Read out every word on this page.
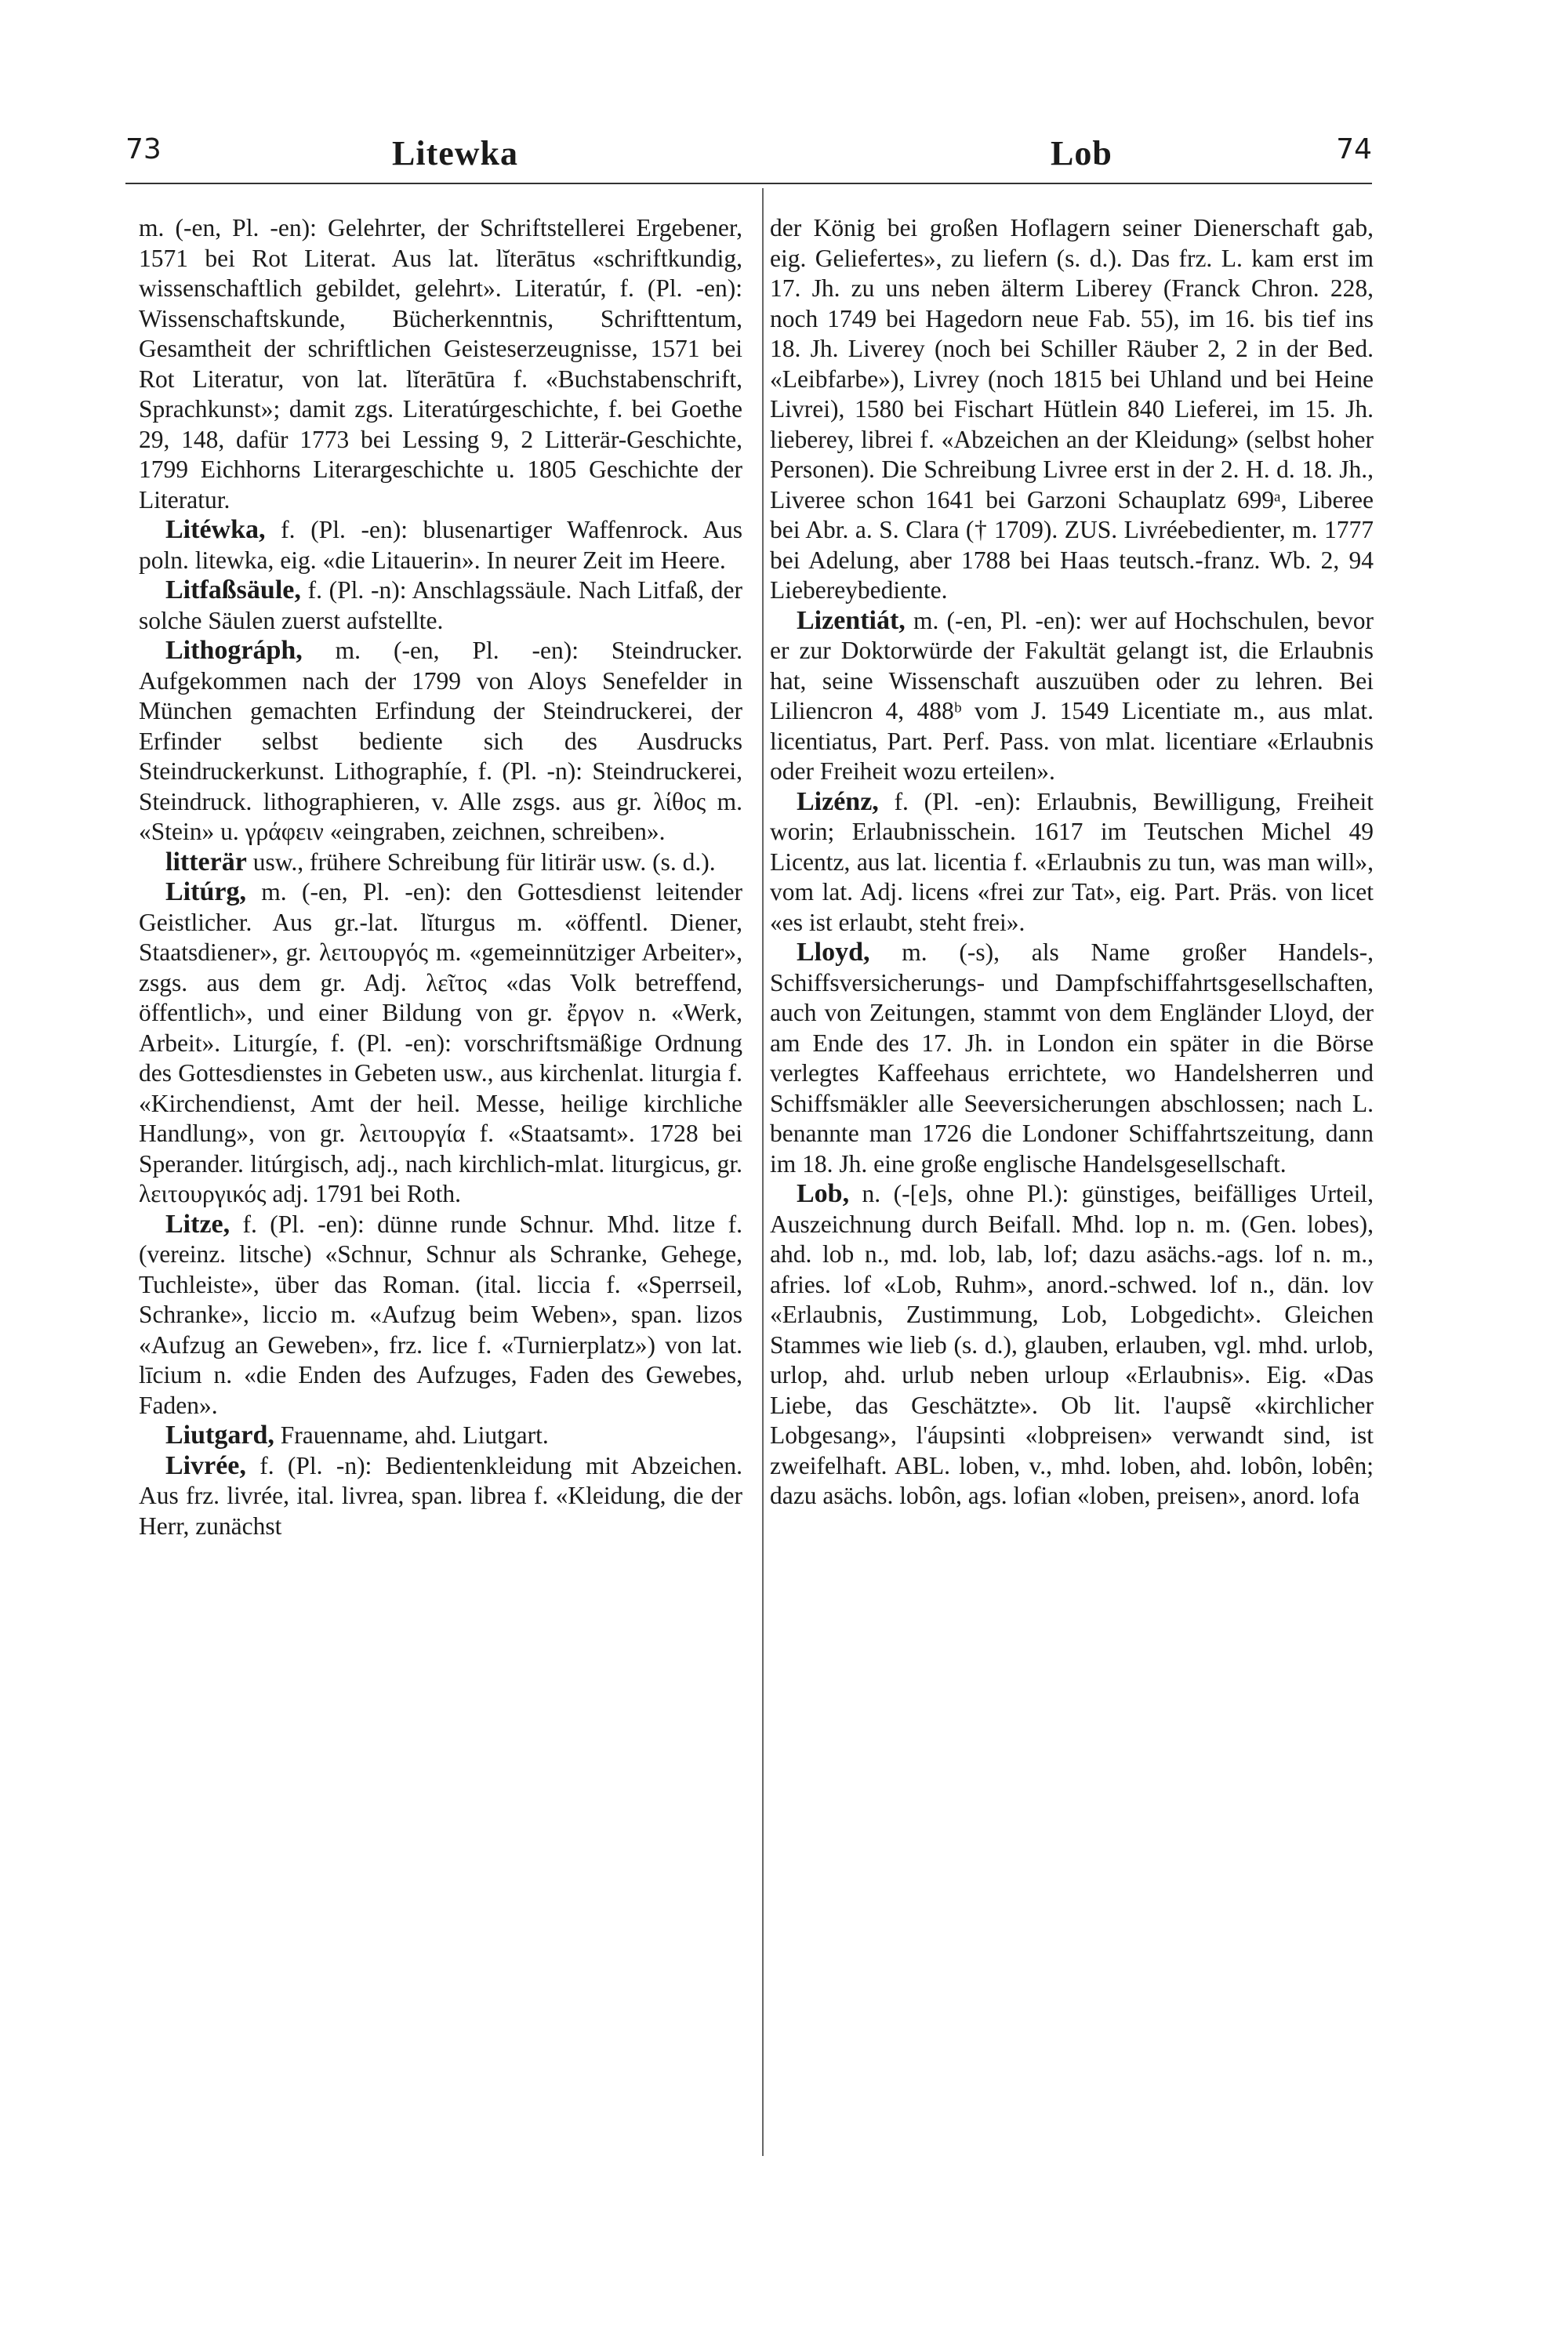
73	Litewka	Lob	74

m. (-en, Pl. -en): Gelehrter, der Schriftstellerei Ergebener, 1571 bei Rot Literat. Aus lat. lĭterātus «schriftkundig, wissenschaftlich gebildet, gelehrt». Literatúr, f. (Pl. -en): Wissenschaftskunde, Bücherkenntnis, Schrifttentum, Gesamtheit der schriftlichen Geisteserzeugnisse, 1571 bei Rot Literatur, von lat. lĭterātūra f. «Buchstabenschrift, Sprachkunst»; damit zgs. Literatúrgeschichte, f. bei Goethe 29, 148, dafür 1773 bei Lessing 9, 2 Litterär-Geschichte, 1799 Eichhorns Literargeschichte u. 1805 Geschichte der Literatur.

Litéwka, f. (Pl. -en): blusenartiger Waffenrock. Aus poln. litewka, eig. «die Litauerin». In neurer Zeit im Heere.

Litfaßsäule, f. (Pl. -n): Anschlagssäule. Nach Litfaß, der solche Säulen zuerst aufstellte.

Lithográph, m. (-en, Pl. -en): Steindrucker. Aufgekommen nach der 1799 von Aloys Senefelder in München gemachten Erfindung der Steindruckerei, der Erfinder selbst bediente sich des Ausdrucks Steindruckerkunst. Lithographíe, f. (Pl. -n): Steindruckerei, Steindruck. lithographieren, v. Alle zsgs. aus gr. λίθος m. «Stein» u. γράφειν «eingraben, zeichnen, schreiben».

litterär usw., frühere Schreibung für litirär usw. (s. d.).

Litúrg, m. (-en, Pl. -en): den Gottesdienst leitender Geistlicher. Aus gr.-lat. lĭturgus m. «öffentl. Diener, Staatsdiener», gr. λειτουργός m. «gemeinnütziger Arbeiter», zsgs. aus dem gr. Adj. λεῖτος «das Volk betreffend, öffentlich», und einer Bildung von gr. ἔργον n. «Werk, Arbeit». Liturgíe, f. (Pl. -en): vorschriftsmäßige Ordnung des Gottesdienstes in Gebeten usw., aus kirchenlat. liturgia f. «Kirchendienst, Amt der heil. Messe, heilige kirchliche Handlung», von gr. λειτουργία f. «Staatsamt». 1728 bei Sperander. litúrgisch, adj., nach kirchlich-mlat. liturgicus, gr. λειτουργικός adj. 1791 bei Roth.

Litze, f. (Pl. -en): dünne runde Schnur. Mhd. litze f. (vereinz. litsche) «Schnur, Schnur als Schranke, Gehege, Tuchleiste», über das Roman. (ital. liccia f. «Sperrseil, Schranke», liccio m. «Aufzug beim Weben», span. lizos «Aufzug an Geweben», frz. lice f. «Turnierplatz») von lat. līcium n. «die Enden des Aufzuges, Faden des Gewebes, Faden».

Liutgard, Frauenname, ahd. Liutgart.

Livrée, f. (Pl. -n): Bedientenkleidung mit Abzeichen. Aus frz. livrée, ital. livrea, span. librea f. «Kleidung, die der Herr, zunächst

der König bei großen Hoflagern seiner Dienerschaft gab, eig. Geliefertes», zu liefern (s. d.). Das frz. L. kam erst im 17. Jh. zu uns neben älterm Liberey (Franck Chron. 228, noch 1749 bei Hagedorn neue Fab. 55), im 16. bis tief ins 18. Jh. Liverey (noch bei Schiller Räuber 2, 2 in der Bed. «Leibfarbe»), Livrey (noch 1815 bei Uhland und bei Heine Livrei), 1580 bei Fischart Hütlein 840 Lieferei, im 15. Jh. lieberey, librei f. «Abzeichen an der Kleidung» (selbst hoher Personen). Die Schreibung Livree erst in der 2. H. d. 18. Jh., Liveree schon 1641 bei Garzoni Schauplatz 699ᵃ, Liberee bei Abr. a. S. Clara († 1709). ZUS. Livréebedienter, m. 1777 bei Adelung, aber 1788 bei Haas teutsch.-franz. Wb. 2, 94 Liebereybediente.

Lizentiát, m. (-en, Pl. -en): wer auf Hochschulen, bevor er zur Doktorwürde der Fakultät gelangt ist, die Erlaubnis hat, seine Wissenschaft auszuüben oder zu lehren. Bei Liliencron 4, 488ᵇ vom J. 1549 Licentiate m., aus mlat. licentiatus, Part. Perf. Pass. von mlat. licentiare «Erlaubnis oder Freiheit wozu erteilen».

Lizénz, f. (Pl. -en): Erlaubnis, Bewilligung, Freiheit worin; Erlaubnisschein. 1617 im Teutschen Michel 49 Licentz, aus lat. licentia f. «Erlaubnis zu tun, was man will», vom lat. Adj. licens «frei zur Tat», eig. Part. Präs. von licet «es ist erlaubt, steht frei».

Lloyd, m. (-s), als Name großer Handels-, Schiffsversicherungs- und Dampfschiffahrtsgesellschaften, auch von Zeitungen, stammt von dem Engländer Lloyd, der am Ende des 17. Jh. in London ein später in die Börse verlegtes Kaffeehaus errichtete, wo Handelsherren und Schiffsmäkler alle Seeversicherungen abschlossen; nach L. benannte man 1726 die Londoner Schiffahrtszeitung, dann im 18. Jh. eine große englische Handelsgesellschaft.

Lob, n. (-[e]s, ohne Pl.): günstiges, beifälliges Urteil, Auszeichnung durch Beifall. Mhd. lop n. m. (Gen. lobes), ahd. lob n., md. lob, lab, lof; dazu asächs.-ags. lof n. m., afries. lof «Lob, Ruhm», anord.-schwed. lof n., dän. lov «Erlaubnis, Zustimmung, Lob, Lobgedicht». Gleichen Stammes wie lieb (s. d.), glauben, erlauben, vgl. mhd. urlob, urlop, ahd. urlub neben urloup «Erlaubnis». Eig. «Das Liebe, das Geschätzte». Ob lit. l'aupsẽ «kirchlicher Lobgesang», l'áupsinti «lobpreisen» verwandt sind, ist zweifelhaft. ABL. loben, v., mhd. loben, ahd. lobôn, lobên; dazu asächs. lobôn, ags. lofian «loben, preisen», anord. lofa
